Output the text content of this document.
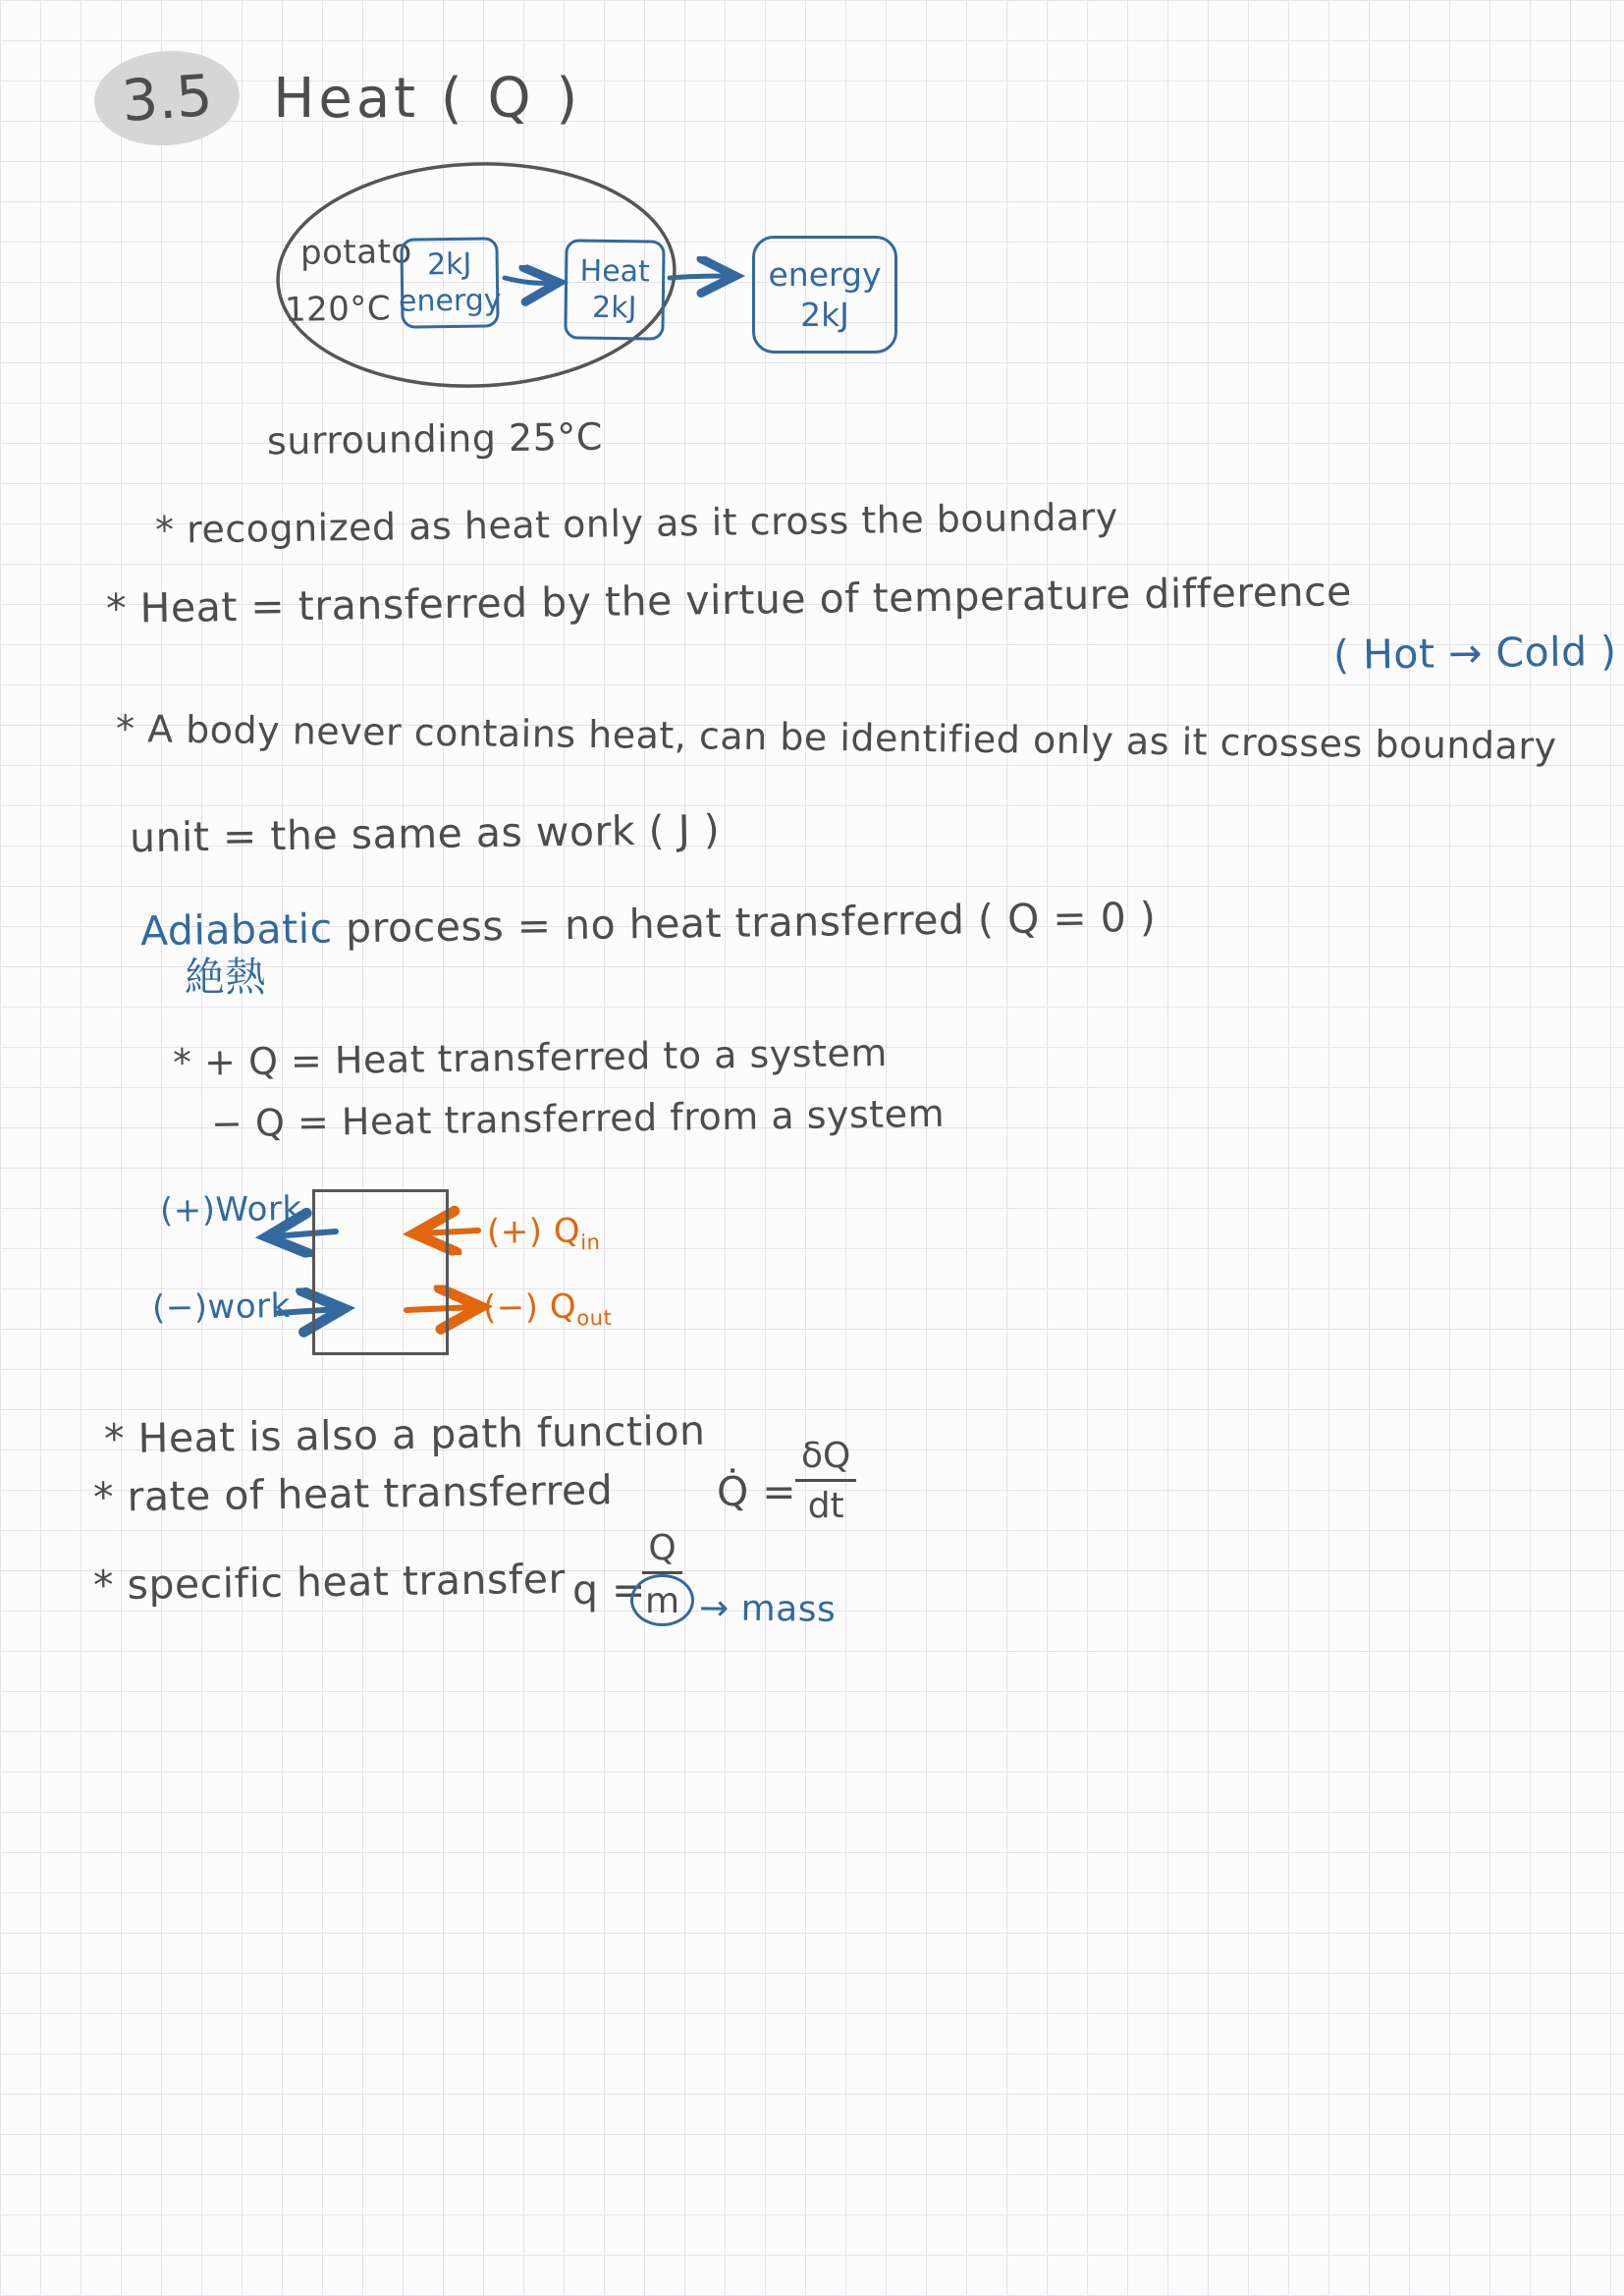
3.5	Heat ( Q )
potato
120°C
2kJ
energy
Heat
2kJ
energy
2kJ
surrounding 25°C
* recognized as heat only as it cross the boundary
* Heat = transferred by the virtue of temperature difference
( Hot → Cold )
* A body never contains heat, can be identified only as it crosses boundary
unit = the same as work ( J )
Adiabatic process = no heat transferred ( Q = 0 )
絶熱
* + Q = Heat transferred to a system
− Q = Heat transferred from a system
(+)Work
(−)work
(+) $Q_{in}$
(−) $Q_{out}$
* Heat is also a path function
* rate of heat transferred	Q̇ =
$\frac{\delta Q}{dt}$
* specific heat transfer q =
$\frac{Q}{m}$ → mass
